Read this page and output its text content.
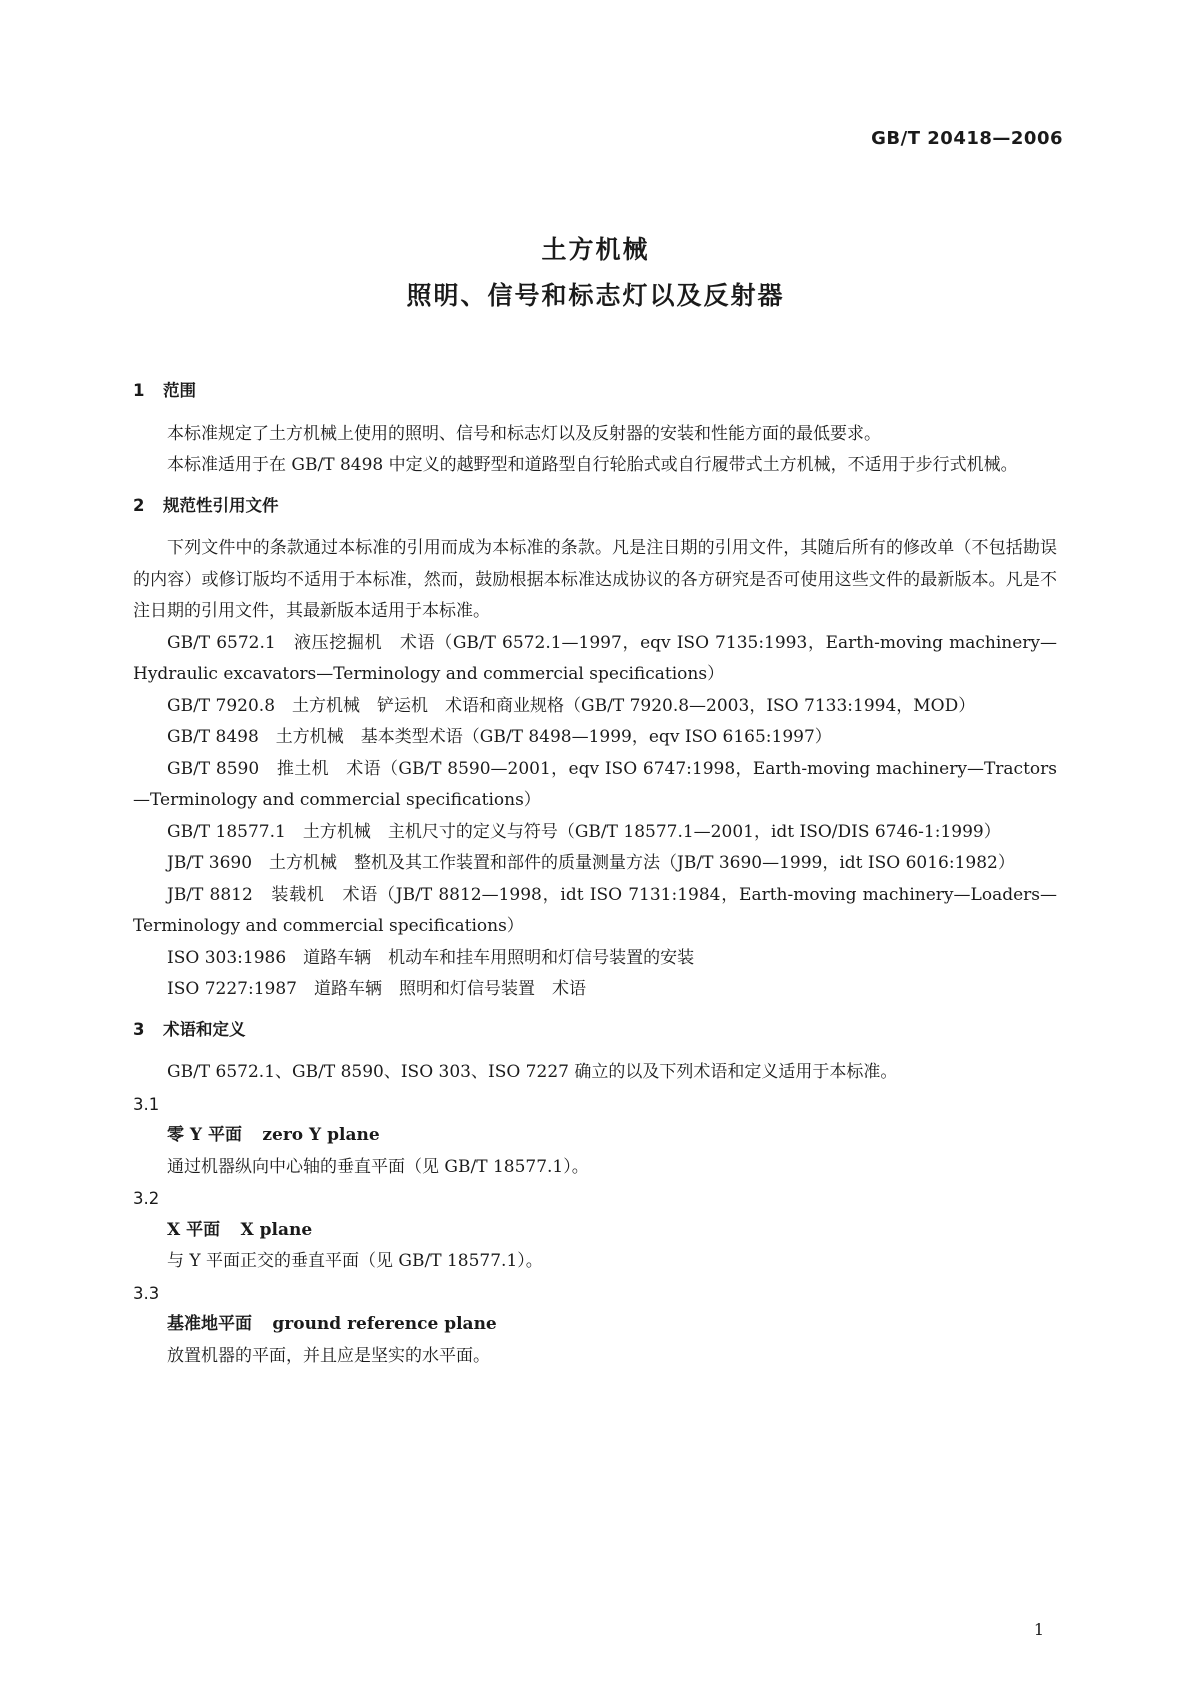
GB/T 20418—2006
土方机械
照明、信号和标志灯以及反射器
1 范围

本标准规定了土方机械上使用的照明、信号和标志灯以及反射器的安装和性能方面的最低要求。

本标准适用于在 GB/T 8498 中定义的越野型和道路型自行轮胎式或自行履带式土方机械，不适用于步行式机械。

2 规范性引用文件

下列文件中的条款通过本标准的引用而成为本标准的条款。凡是注日期的引用文件，其随后所有的修改单（不包括勘误的内容）或修订版均不适用于本标准，然而，鼓励根据本标准达成协议的各方研究是否可使用这些文件的最新版本。凡是不注日期的引用文件，其最新版本适用于本标准。

GB/T 6572.1　液压挖掘机　术语（GB/T 6572.1—1997，eqv ISO 7135:1993，Earth-moving machinery—Hydraulic excavators—Terminology and commercial specifications）

GB/T 7920.8　土方机械　铲运机　术语和商业规格（GB/T 7920.8—2003，ISO 7133:1994，MOD）

GB/T 8498　土方机械　基本类型术语（GB/T 8498—1999，eqv ISO 6165:1997）

GB/T 8590　推土机　术语（GB/T 8590—2001，eqv ISO 6747:1998，Earth-moving machinery—Tractors—Terminology and commercial specifications）

GB/T 18577.1　土方机械　主机尺寸的定义与符号（GB/T 18577.1—2001，idt ISO/DIS 6746-1:1999）

JB/T 3690　土方机械　整机及其工作装置和部件的质量测量方法（JB/T 3690—1999，idt ISO 6016:1982）

JB/T 8812　装载机　术语（JB/T 8812—1998，idt ISO 7131:1984，Earth-moving machinery—Loaders—Terminology and commercial specifications）

ISO 303:1986　道路车辆　机动车和挂车用照明和灯信号装置的安装

ISO 7227:1987　道路车辆　照明和灯信号装置　术语

3 术语和定义

GB/T 6572.1、GB/T 8590、ISO 303、ISO 7227 确立的以及下列术语和定义适用于本标准。

3.1
零 Y 平面 zero Y plane
通过机器纵向中心轴的垂直平面（见 GB/T 18577.1）。
3.2
X 平面 X plane
与 Y 平面正交的垂直平面（见 GB/T 18577.1）。
3.3
基准地平面 ground reference plane
放置机器的平面，并且应是坚实的水平面。
1
